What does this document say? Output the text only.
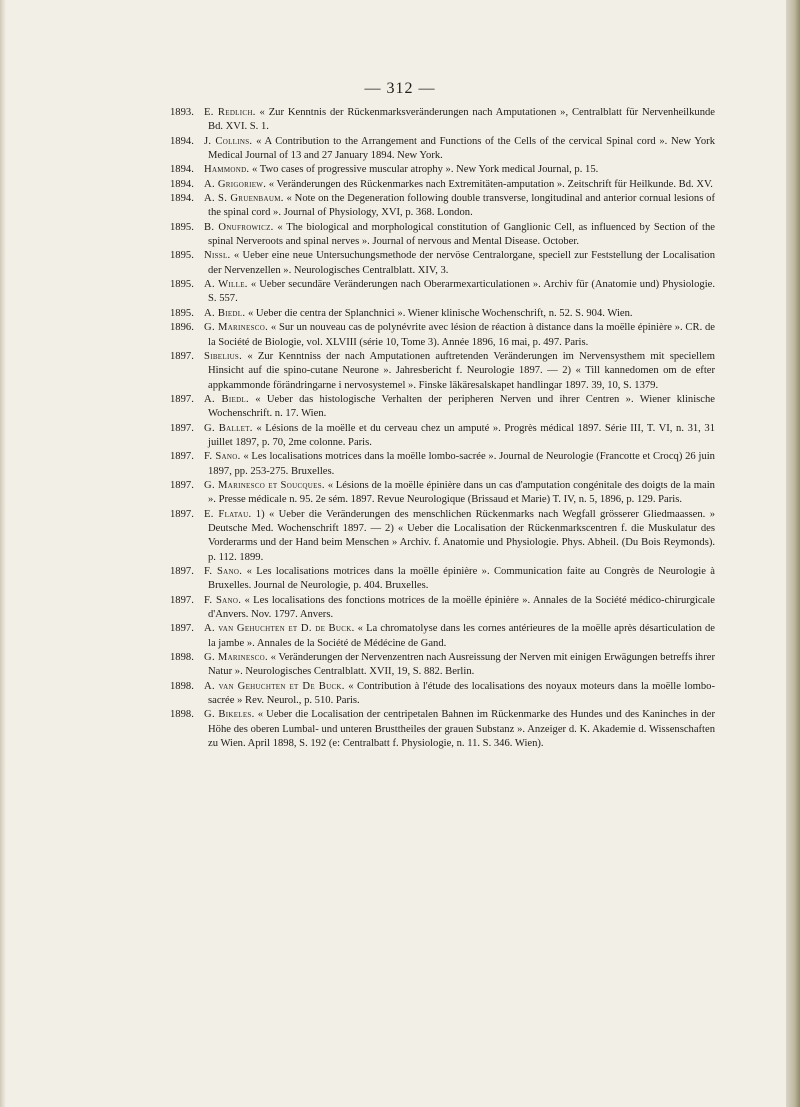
— 312 —

1893. E. Redlich. « Zur Kenntnis der Rückenmarksveränderungen nach Amputationen », Centralblatt für Nervenheilkunde Bd. XVI. S. 1.

1894. J. Collins. « A Contribution to the Arrangement and Functions of the Cells of the cervical Spinal cord ». New York Medical Journal of 13 and 27 January 1894. New York.

1894. Hammond. « Two cases of progressive muscular atrophy ». New York medical Journal, p. 15.

1894. A. Grigoriew. « Veränderungen des Rückenmarkes nach Extremitäten-amputation ». Zeitschrift für Heilkunde. Bd. XV.

1894. A. S. Gruenbaum. « Note on the Degeneration following double transverse, longitudinal and anterior cornual lesions of the spinal cord ». Journal of Physiology, XVI, p. 368. London.

1895. B. Onufrowicz. « The biological and morphological constitution of Ganglionic Cell, as influenced by Section of the spinal Nerveroots and spinal nerves ». Journal of nervous and Mental Disease. October.

1895. Nissl. « Ueber eine neue Untersuchungsmethode der nervöse Centralorgane, speciell zur Feststellung der Localisation der Nervenzellen ». Neurologisches Centralblatt. XIV, 3.

1895. A. Wille. « Ueber secundäre Veränderungen nach Oberarmexarticulationen ». Archiv für (Anatomie und) Physiologie. S. 557.

1895. A. Biedl. « Ueber die centra der Splanchnici ». Wiener klinische Wochenschrift, n. 52. S. 904. Wien.

1896. G. Marinesco. « Sur un nouveau cas de polynévrite avec lésion de réaction à distance dans la moëlle épinière ». CR. de la Société de Biologie, vol. XLVIII (série 10, Tome 3). Année 1896, 16 mai, p. 497. Paris.

1897. Sibelius. « Zur Kenntniss der nach Amputationen auftretenden Veränderungen im Nervensysthem mit speciellem Hinsicht auf die spino-cutane Neurone ». Jahresbericht f. Neurologie 1897. — 2) « Till kannedomen om de efter appkammonde förändringarne i nervosystemel ». Finske läkäresalskapet handlingar 1897. 39, 10, S. 1379.

1897. A. Biedl. « Ueber das histologische Verhalten der peripheren Nerven und ihrer Centren ». Wiener klinische Wochenschrift. n. 17. Wien.

1897. G. Ballet. « Lésions de la moëlle et du cerveau chez un amputé ». Progrès médical 1897. Série III, T. VI, n. 31, 31 juillet 1897, p. 70, 2me colonne. Paris.

1897. F. Sano. « Les localisations motrices dans la moëlle lombo-sacrée ». Journal de Neurologie (Francotte et Crocq) 26 juin 1897, pp. 253-275. Bruxelles.

1897. G. Marinesco et Soucques. « Lésions de la moëlle épinière dans un cas d'amputation congénitale des doigts de la main ». Presse médicale n. 95. 2e sém. 1897. Revue Neurologique (Brissaud et Marie) T. IV, n. 5, 1896, p. 129. Paris.

1897. E. Flatau. 1) « Ueber die Veränderungen des menschlichen Rückenmarks nach Wegfall grösserer Gliedmaassen. » Deutsche Med. Wochenschrift 1897. — 2) « Ueber die Localisation der Rückenmarkscentren f. die Muskulatur des Vorderarms und der Hand beim Menschen » Archiv. f. Anatomie und Physiologie. Phys. Abheil. (Du Bois Reymonds). p. 112. 1899.

1897. F. Sano. « Les localisations motrices dans la moëlle épinière ». Communication faite au Congrès de Neurologie à Bruxelles. Journal de Neurologie, p. 404. Bruxelles.

1897. F. Sano. « Les localisations des fonctions motrices de la moëlle épinière ». Annales de la Société médico-chirurgicale d'Anvers. Nov. 1797. Anvers.

1897. A. van Gehuchten et D. de Buck. « La chromatolyse dans les cornes antérieures de la moëlle après désarticulation de la jambe ». Annales de la Société de Médécine de Gand.

1898. G. Marinesco. « Veränderungen der Nervenzentren nach Ausreissung der Nerven mit einigen Erwägungen betreffs ihrer Natur ». Neurologisches Centralblatt. XVII, 19, S. 882. Berlin.

1898. A. van Gehuchten et De Buck. « Contribution à l'étude des localisations des noyaux moteurs dans la moëlle lombo-sacrée » Rev. Neurol., p. 510. Paris.

1898. G. Bikeles. « Ueber die Localisation der centripetalen Bahnen im Rückenmarke des Hundes und des Kaninches in der Höhe des oberen Lumbal- und unteren Brusttheiles der grauen Substanz ». Anzeiger d. K. Akademie d. Wissenschaften zu Wien. April 1898, S. 192 (e: Centralbatt f. Physiologie, n. 11. S. 346. Wien).
